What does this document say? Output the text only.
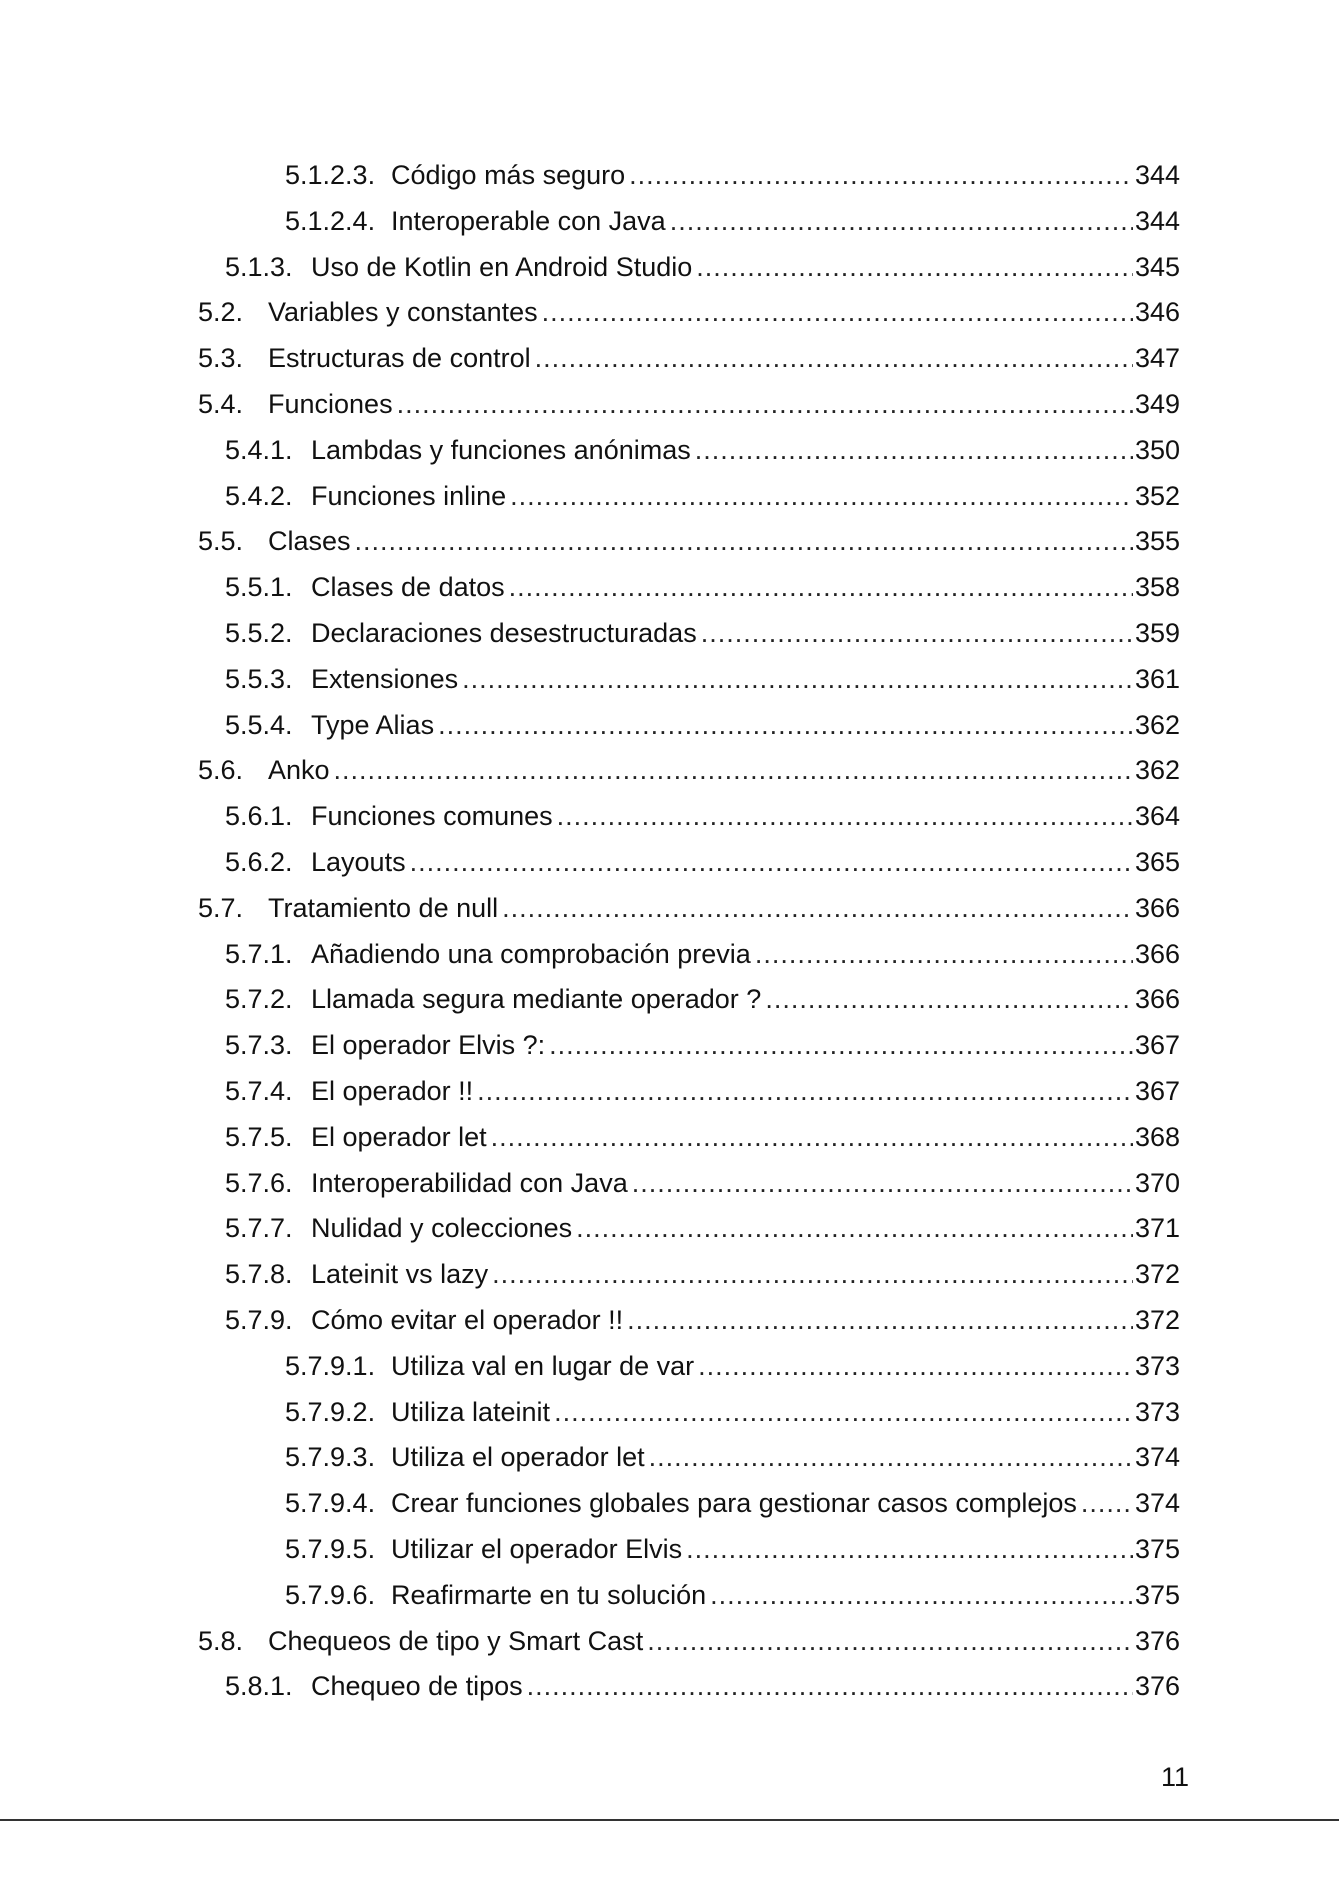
5.1.2.3. Código más seguro .....	344
5.1.2.4. Interoperable con Java .....	344
5.1.3. Uso de Kotlin en Android Studio .....	345
5.2. Variables y constantes .....	346
5.3. Estructuras de control .....	347
5.4. Funciones .....	349
5.4.1. Lambdas y funciones anónimas .....	350
5.4.2. Funciones inline .....	352
5.5. Clases .....	355
5.5.1. Clases de datos .....	358
5.5.2. Declaraciones desestructuradas .....	359
5.5.3. Extensiones .....	361
5.5.4. Type Alias .....	362
5.6. Anko .....	362
5.6.1. Funciones comunes .....	364
5.6.2. Layouts .....	365
5.7. Tratamiento de null .....	366
5.7.1. Añadiendo una comprobación previa .....	366
5.7.2. Llamada segura mediante operador ? .....	366
5.7.3. El operador Elvis ?: .....	367
5.7.4. El operador !! .....	367
5.7.5. El operador let .....	368
5.7.6. Interoperabilidad con Java .....	370
5.7.7. Nulidad y colecciones .....	371
5.7.8. Lateinit vs lazy .....	372
5.7.9. Cómo evitar el operador !! .....	372
5.7.9.1. Utiliza val en lugar de var .....	373
5.7.9.2. Utiliza lateinit .....	373
5.7.9.3. Utiliza el operador let .....	374
5.7.9.4. Crear funciones globales para gestionar casos complejos ..... 374
5.7.9.5. Utilizar el operador Elvis .....	375
5.7.9.6. Reafirmarte en tu solución .....	375
5.8. Chequeos de tipo y Smart Cast .....	376
5.8.1. Chequeo de tipos .....	376
11
